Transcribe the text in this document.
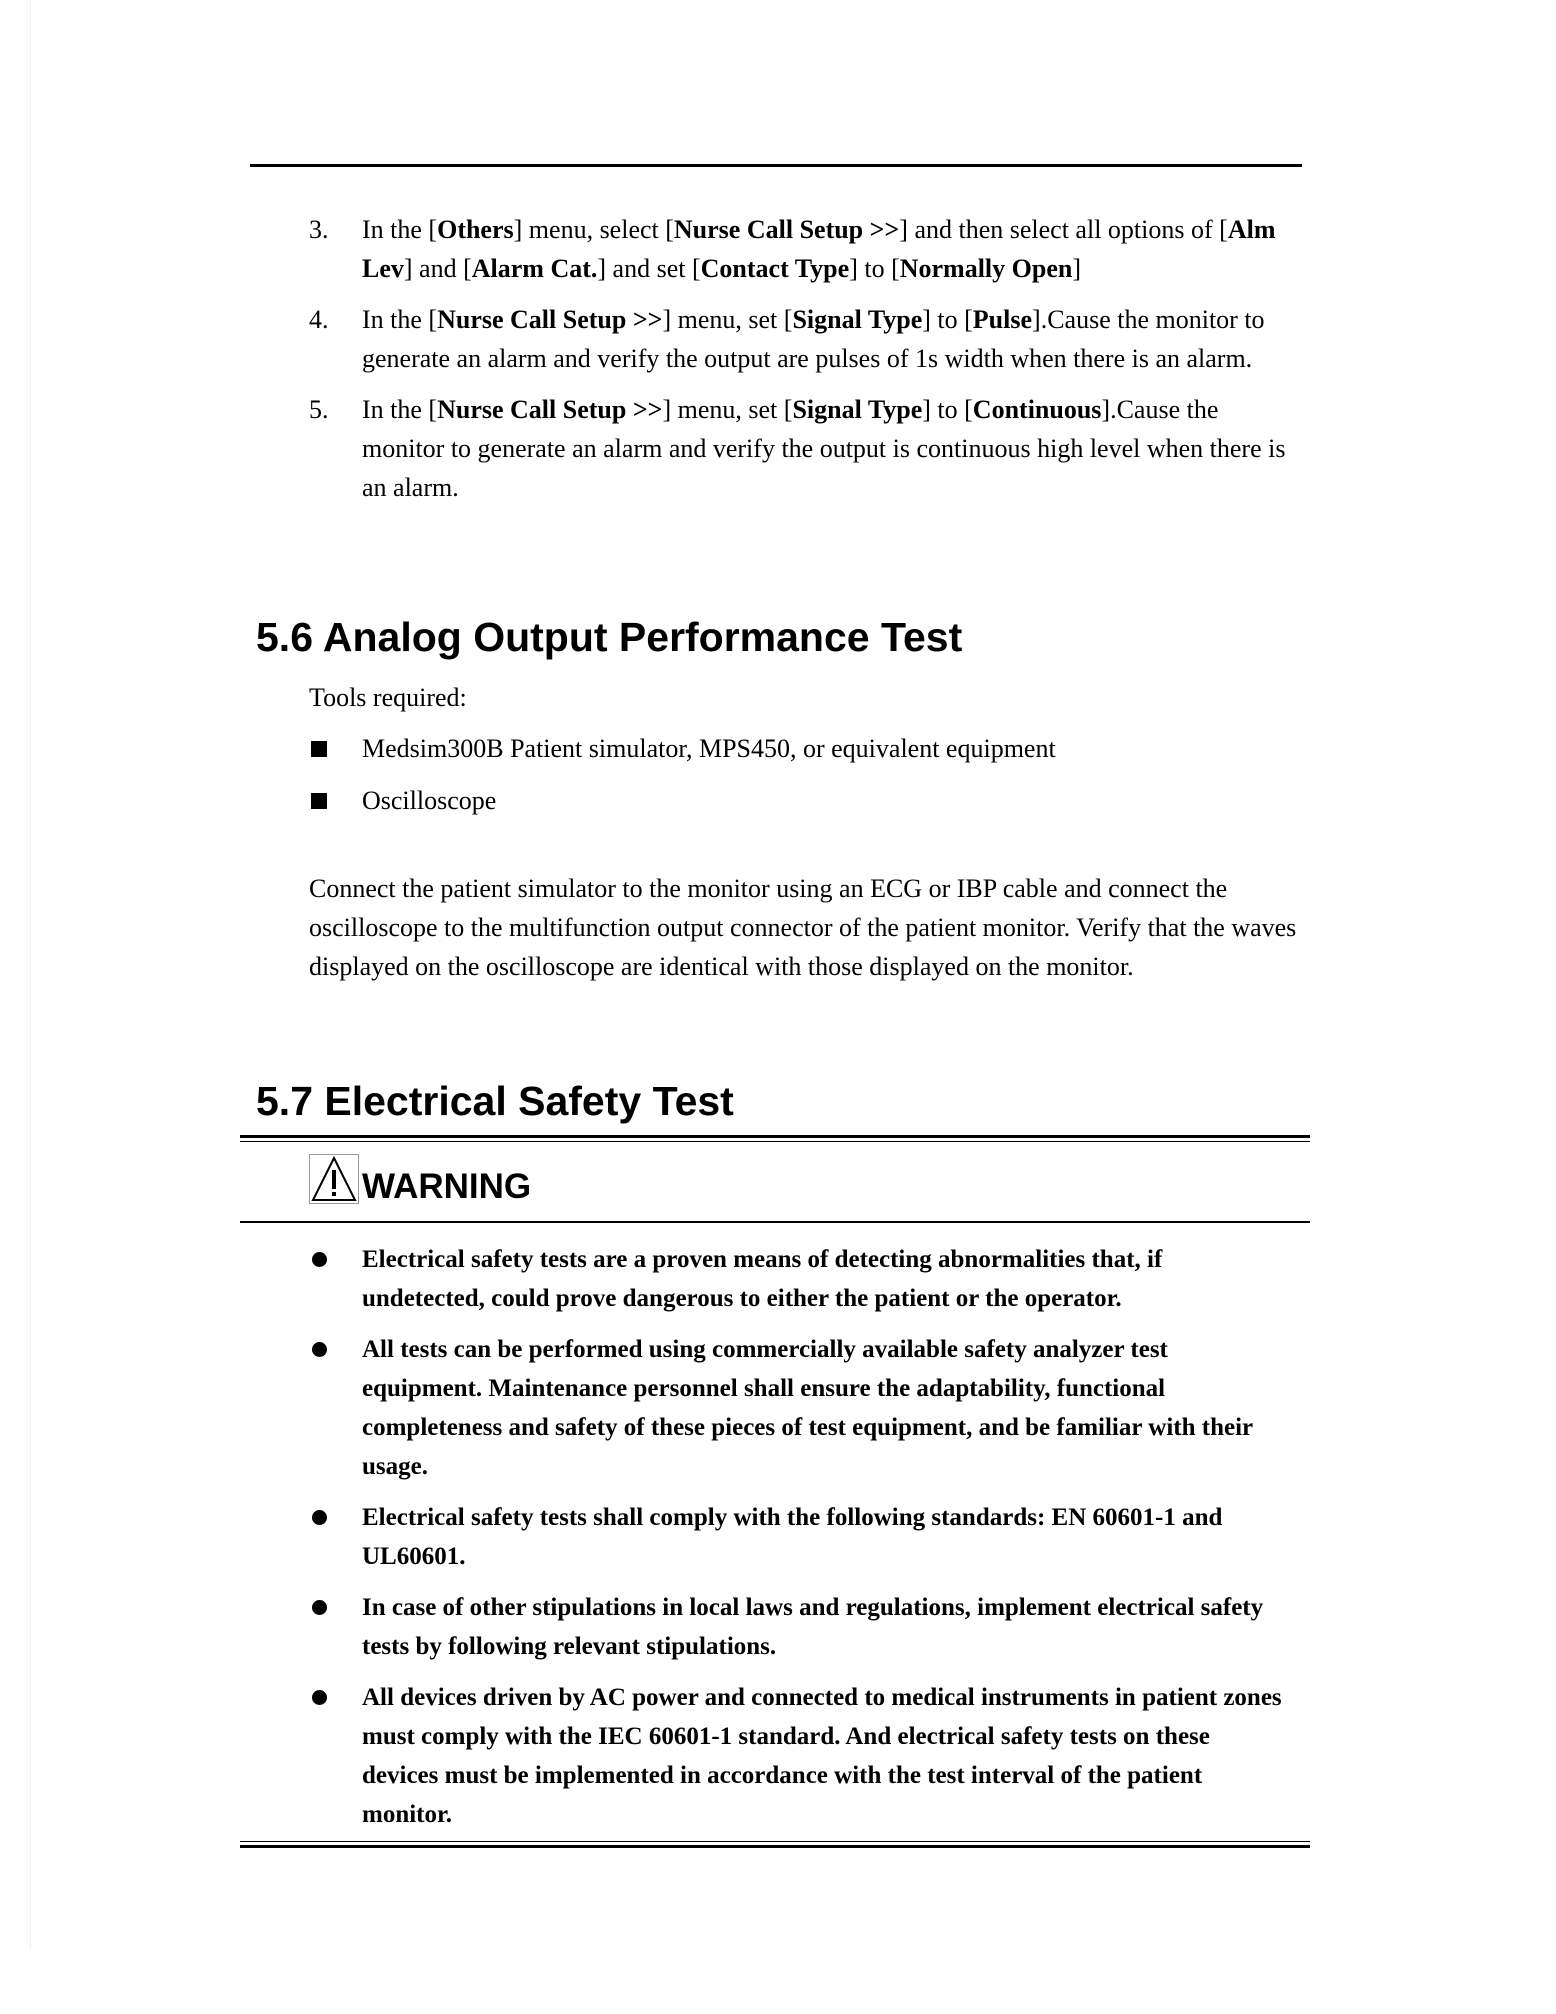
3. In the [Others] menu, select [Nurse Call Setup >>] and then select all options of [Alm Lev] and [Alarm Cat.] and set [Contact Type] to [Normally Open]
4. In the [Nurse Call Setup >>] menu, set [Signal Type] to [Pulse].Cause the monitor to generate an alarm and verify the output are pulses of 1s width when there is an alarm.
5. In the [Nurse Call Setup >>] menu, set [Signal Type] to [Continuous].Cause the monitor to generate an alarm and verify the output is continuous high level when there is an alarm.
5.6 Analog Output Performance Test
Tools required:
Medsim300B Patient simulator, MPS450, or equivalent equipment
Oscilloscope
Connect the patient simulator to the monitor using an ECG or IBP cable and connect the oscilloscope to the multifunction output connector of the patient monitor. Verify that the waves displayed on the oscilloscope are identical with those displayed on the monitor.
5.7 Electrical Safety Test
WARNING
Electrical safety tests are a proven means of detecting abnormalities that, if undetected, could prove dangerous to either the patient or the operator.
All tests can be performed using commercially available safety analyzer test equipment. Maintenance personnel shall ensure the adaptability, functional completeness and safety of these pieces of test equipment, and be familiar with their usage.
Electrical safety tests shall comply with the following standards: EN 60601-1 and UL60601.
In case of other stipulations in local laws and regulations, implement electrical safety tests by following relevant stipulations.
All devices driven by AC power and connected to medical instruments in patient zones must comply with the IEC 60601-1 standard. And electrical safety tests on these devices must be implemented in accordance with the test interval of the patient monitor.
